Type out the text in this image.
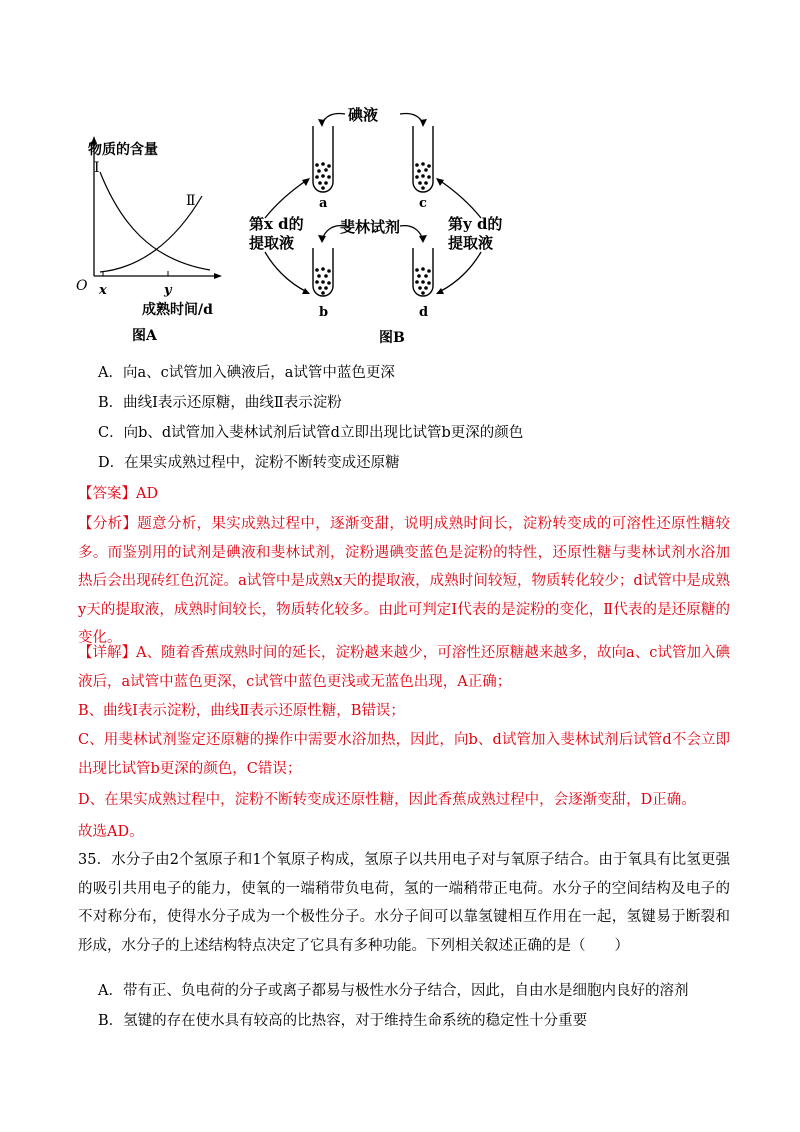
物质的含量
Ⅰ
Ⅱ
O x	y
成熟时间/d
图A
碘液
斐林试剂
第x d的
提取液
第y d的
提取液
a	c
b	d
图B
A．向a、c试管加入碘液后，a试管中蓝色更深
B．曲线Ⅰ表示还原糖，曲线Ⅱ表示淀粉
C．向b、d试管加入斐林试剂后试管d立即出现比试管b更深的颜色
D．在果实成熟过程中，淀粉不断转变成还原糖
【答案】AD
【分析】题意分析，果实成熟过程中，逐渐变甜，说明成熟时间长，淀粉转变成的可溶性还原性糖较多。而鉴别用的试剂是碘液和斐林试剂，淀粉遇碘变蓝色是淀粉的特性，还原性糖与斐林试剂水浴加热后会出现砖红色沉淀。a试管中是成熟x天的提取液，成熟时间较短，物质转化较少；d试管中是成熟y天的提取液，成熟时间较长，物质转化较多。由此可判定Ⅰ代表的是淀粉的变化，Ⅱ代表的是还原糖的变化。
【详解】A、随着香蕉成熟时间的延长，淀粉越来越少，可溶性还原糖越来越多，故向a、c试管加入碘液后，a试管中蓝色更深，c试管中蓝色更浅或无蓝色出现，A正确；
B、曲线Ⅰ表示淀粉，曲线Ⅱ表示还原性糖，B错误；
C、用斐林试剂鉴定还原糖的操作中需要水浴加热，因此，向b、d试管加入斐林试剂后试管d不会立即出现比试管b更深的颜色，C错误；
D、在果实成熟过程中，淀粉不断转变成还原性糖，因此香蕉成熟过程中，会逐渐变甜，D正确。
故选AD。
35．水分子由2个氢原子和1个氧原子构成，氢原子以共用电子对与氧原子结合。由于氧具有比氢更强的吸引共用电子的能力，使氧的一端稍带负电荷，氢的一端稍带正电荷。水分子的空间结构及电子的不对称分布，使得水分子成为一个极性分子。水分子间可以靠氢键相互作用在一起，氢键易于断裂和形成，水分子的上述结构特点决定了它具有多种功能。下列相关叙述正确的是（　　）
A．带有正、负电荷的分子或离子都易与极性水分子结合，因此，自由水是细胞内良好的溶剂
B．氢键的存在使水具有较高的比热容，对于维持生命系统的稳定性十分重要
